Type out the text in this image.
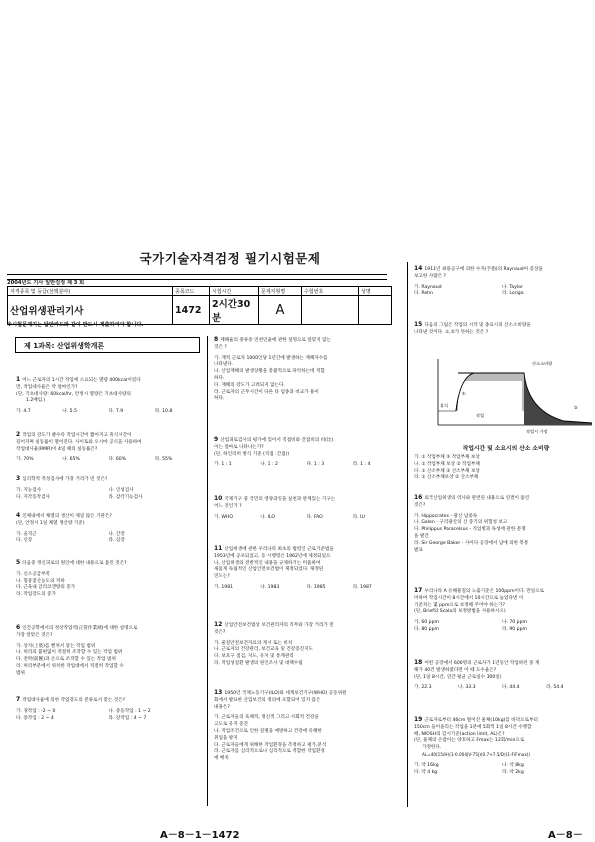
국가기술자격검정 필기시험문제
2004년도 기사 일반검정 제 3 회
자격종목 및 등급(선택분야)	종목코드	시험시간	문제지형별	수험번호	성명
산업위생관리기사	1472	2시간30분	A		
※시험문제지는 답안카드와 같이 반드시 제출하여야 합니다.
제 1과목: 산업위생학개론
1 어느 근로자의 1시간 작업에 소요되는 열량 400kcal이었다
면, 작업대사율은 약 얼마인가?
(단, 기초대사량: 60kcal/hr, 안정시 열량은 기초대사량의
1.2배임.)
가. 4.7	나. 5.5	다. 7.9	라. 10.8
2 작업의 강도가 클수록 작업시간이 짧아지고 휴식시간이
길어지며 실동률이 떨어진다. 사이토와 오시마 공식을 사용하여
작업대사율(RMR)이 4일 때의 실동률은?
가. 70%	나. 65%	다. 60%	라. 55%
3 심리학적 적성검사에 가장 거리가 먼 것은?
가. 지능검사	나. 인성검사
다. 지각동작검사	라. 감각기능검사
4 인체내에서 체열의 생산이 제일 많은 기관은?
(단, 안정시 1일 체열 생산량 기준)
가. 골격근	나. 간장
다. 신장	라. 심장
5 다음중 정신피로의 원인에 대한 내용으로 틀린 것은?
가. 신소공급부족
나. 혈중젖산농도의 저하
다. 근육내 글리코겐량의 증가
라. 작업강도의 증가
6 인간공학에서의 정상작업역(正常作業域)에 대한 설명으로
가장 알맞은 것은?
가. 상지(上肢)를 뻗쳐서 닿는 작업 범위
나. 허리의 불편없이 적절히 조작할 수 있는 작업 범위
다. 전박(前腕)과 손으로 조작할 수 있는 작업 범위
라. 허리부분에서 위치한 작업대에서 적절히 작업할 수
범위
7 작업대사율에 의한 작업강도의 분류로서 맞는 것은?
가. 경작업 : -2 ~ 0	나. 중등작업 : 1 ~ 2
다. 중작업 : 2 ~ 4	라. 강작업 : 4 ~ 7
8 재해율의 종류중 연천인율에 관한 설명으로 알맞지 않는
것은 ?
가. 재적 근로자 1000인당 1년간에 발생하는 재해자수를
나타낸다.
나. 산업재해의 발생상황을 총괄적으로 파악하는데 적합
하다.
다. 재해의 강도가 고려되지 않는다.
라. 근로자의 근무시간이 다른 타 업종과 비교가 용이
하다.
9 산업피로검사의 평가에 있어서 직접비와 간접비의 비(比)
이는 얼마로 나타나는가?
(단, 하인리히 방식 기준 (직접 :간접))
가. 1 : 1	나. 1 : 2	다. 1 : 3	라. 1 : 4
10 국제기구 중 국민의 영양과잉을 실천과 관계있는 기구는
어느 것인가 ?
가. WHO	나. ILO	다. FAO	라. IU
11 산업위생에 관한 우리나라 최초의 법령인 근로기준법을
1953년에 공포되었고, 동 시행령은 1962년에 제정되었으
나, 산업위생의 전반적인 내용을 규제하기는 미흡하여
새롭게 독립적인 산업안전보건법이 제정되었다. 제정된
연도는?
가. 1981	나. 1983	다. 1985	라. 1987
12 산업안전보건법상 보건관리자의 직무와 가장 거리가 먼
것은?
가. 물질안전보건자료의 게시 또는 비치
나. 근로자의 건강관리, 보건교육 및 건강증진지도
다. 보호구 점검, 지도, 유지 및 통계관리
라. 작업성질환 발생의 원인조사 및 대책수립
13 1950년 국제노동기구(ILO)와 세계보건기구(WHO) 공동위원
회에서 발표한 산업보건의 정의에 포함되어 있지 않은
내용은?
가. 근로자들의 육체적, 정신적 그리고 사회적 건강을
고도로 유지 증진
나. 작업조건으로 인한 질병을 예방하고 건강에 유해한
취업을 방지
다. 근로자들에게 위해한 작업환경을 측정하고 평가,분석
라. 근로자를 심리적으로나 심리적으로 적합한 작업환경
에 배치
14 1911년 최용공구에 의한 수지(手指)의 Raynaud씨 증상을
보고한 사람은 ?
가. Raynaud	나. Taylor
다. Rehn	라. Loriga
15 다음의 그림은 작업의 시작 및 종료시의 산소소비량을
나타낸 것이다. ①,②가 뜻하는 것은 ?
산소소비량
①
②
휴식
작업
작업시 가정
작업시간 및 소요시의 산소 소비량
가. ① 작업부채 ② 작업부채 보상
나. ① 작업부채 보상 ② 작업부채
다. ① 산소부채 ② 산소부채 보상
라. ① 산소부채보상 ② 산소부채
16 외국산업위생의 역사와 관련된 내용으로 연결이 틀린
것은?
가. Hippocrates - 광산 납중독
나. Galen - 구리광산의 산 증기의 위험성 보고
다. Philippus Paracelsus - 직업병과 독성에 관한 문명
을 발간
라. Sir George Baker - 사이다 공장에서 납에 의한 복통
발표
17 우리나라 A 유해물질의 노출기준은 100ppm이다. 만일으로
미하여 작업시간이 8시간에서 10시간으로 늘었다면 이
기준치는 몇 ppm으로 보정해 주어야 하는가?
(단, Brief와 Scala의 보정방법을 사용하시오)
가. 60 ppm	나. 70 ppm
다. 80 ppm	라. 90 ppm
18 어떤 공장에서 600명의 근로자가 1년동안 작업하던 중 재
해가 40건 발생하였다면 이 때 도수율은?
(단, 1일 8시간, 연간 평균 근로일수 300일)
가. 22.3	나. 33.3	다. 44.4	라. 54.4
19 근로자로부터 46cm 떨어진 물체(10kg)를 바닥으로부터
150cm 들어올리는 작업을 1분에 5회씩 1일 8시간 수행할
때, NIOSH의 감시기준(action limit, AL)은?
(단, 물체의 손잡이는 양호하고 Fmax는 12회/min으로
가정한다.
AL=40(15/H)(1-0.004|V-75|)(0.7+7.5/D)(1-F/Fmax))
가. 약 16kg	나. 약 8kg
다. 약 4 kg	라. 약 2kg
A－8－1－1472	A－8－
